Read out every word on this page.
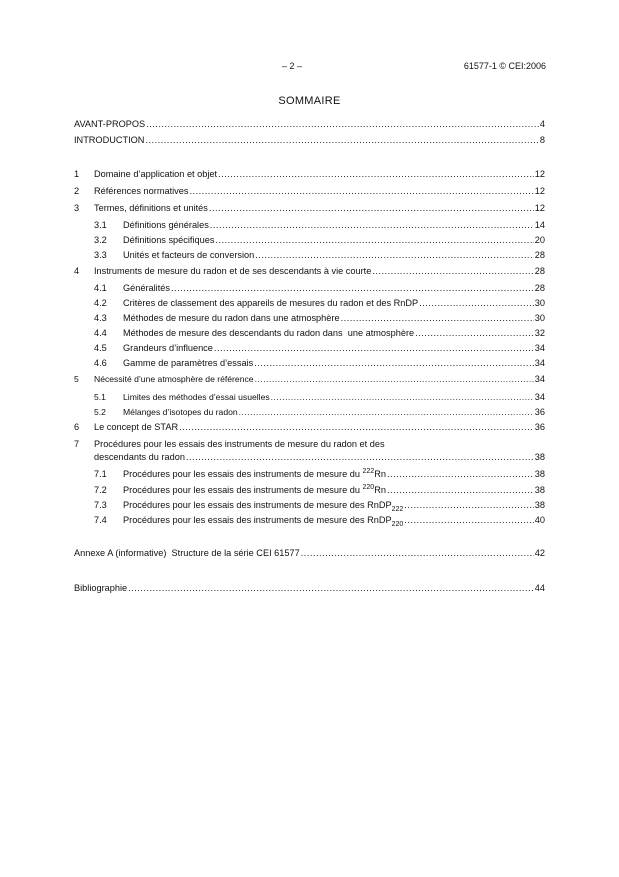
– 2 –	61577-1 © CEI:2006
SOMMAIRE
AVANT-PROPOS .....	4
INTRODUCTION .....	8
1	Domaine d’application et objet .....	12
2	Références normatives .....	12
3	Termes, définitions et unités .....	12
3.1	Définitions générales .....	14
3.2	Définitions spécifiques .....	20
3.3	Unités et facteurs de conversion .....	28
4	Instruments de mesure du radon et de ses descendants à vie courte .....	28
4.1	Généralités .....	28
4.2	Critères de classement des appareils de mesures du radon et des RnDP .....	30
4.3	Méthodes de mesure du radon dans une atmosphère .....	30
4.4	Méthodes de mesure des descendants du radon dans  une atmosphère .....	32
4.5	Grandeurs d’influence .....	34
4.6	Gamme de paramètres d’essais .....	34
5	Nécessité d’une atmosphère de référence .....	34
5.1	Limites des méthodes d’essai usuelles .....	34
5.2	Mélanges d’isotopes du radon .....	36
6	Le concept de STAR .....	36
7	Procédures pour les essais des instruments de mesure du radon et des
descendants du radon .....	38
7.1	Procédures pour les essais des instruments de mesure du $^{222}$Rn .....	38
7.2	Procédures pour les essais des instruments de mesure du $^{220}$Rn .....	38
7.3	Procédures pour les essais des instruments de mesure des RnDP$_{222}$ .....	38
7.4	Procédures pour les essais des instruments de mesure des RnDP$_{220}$ .....	40
Annexe A (informative)  Structure de la série CEI 61577 .....	42
Bibliographie .....	44
